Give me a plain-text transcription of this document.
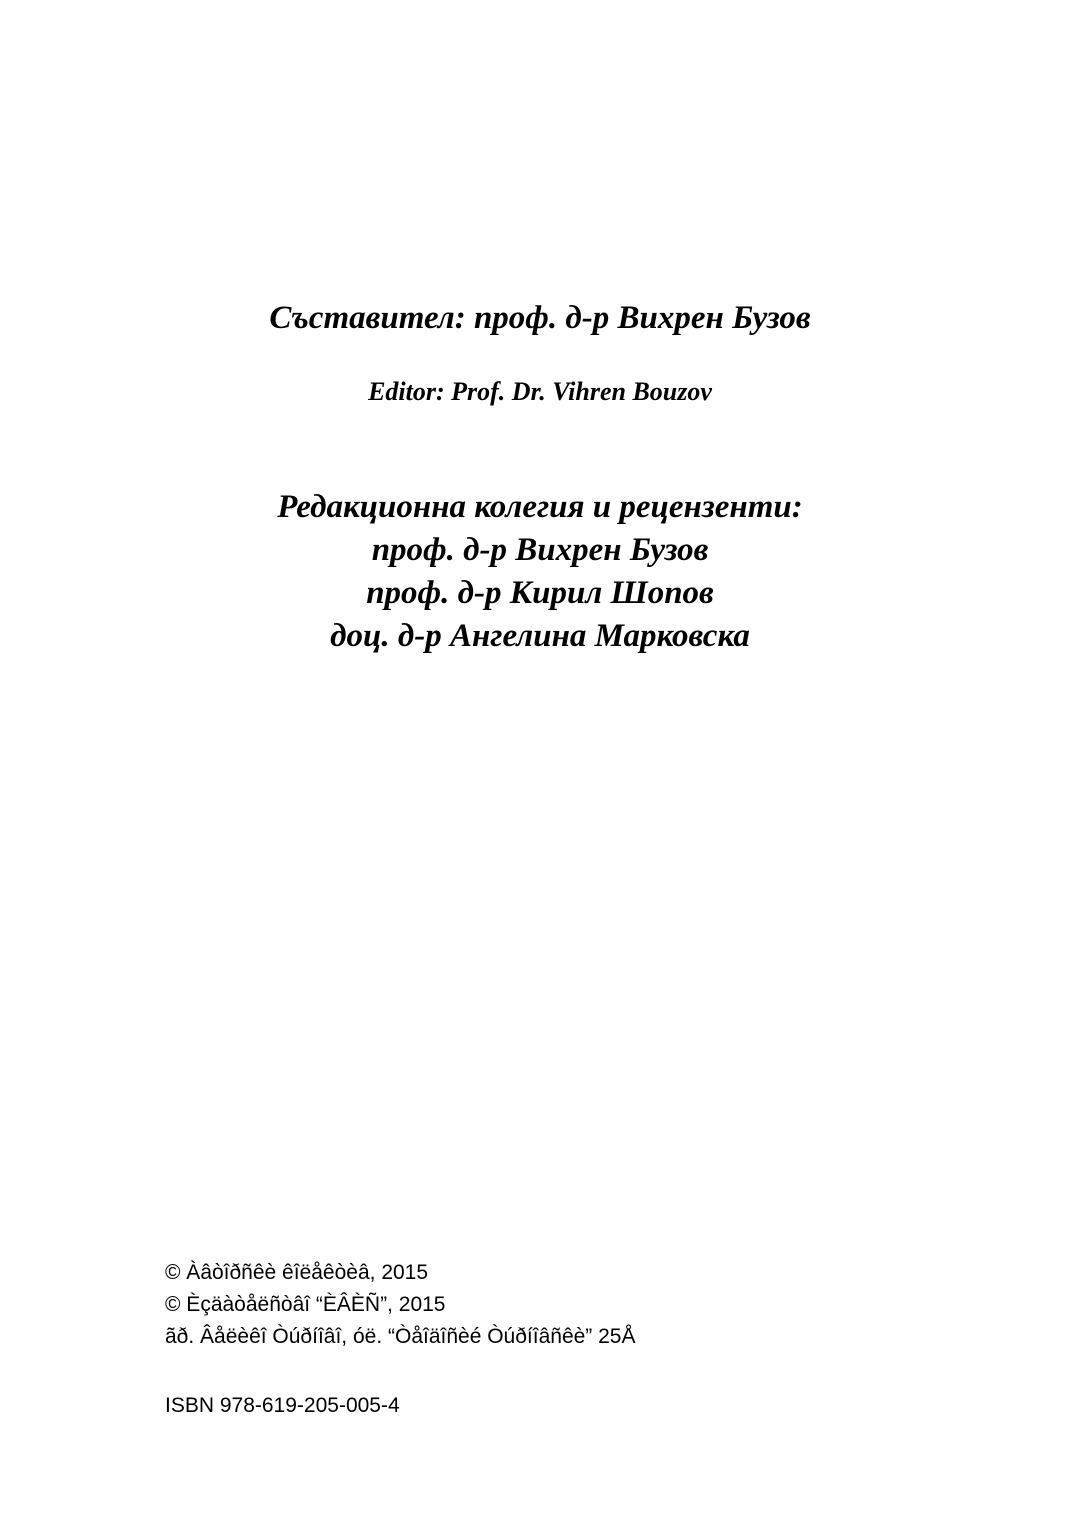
Съставител: проф. д-р Вихрен Бузов
Editor: Prof. Dr. Vihren Bouzov
Редакционна колегия и рецензенти:
проф. д-р Вихрен Бузов
проф. д-р Кирил Шопов
доц. д-р Ангелина Марковска
© Àâòîðñêè êîëåêòèâ, 2015
© Èçäàòåëñòâî “ÈÂÈÑ”, 2015
ãð. Âåëèêî Òúðíîâî, óë. “Òåîäîñèé Òúðíîâñêè” 25Å
ISBN 978-619-205-005-4
